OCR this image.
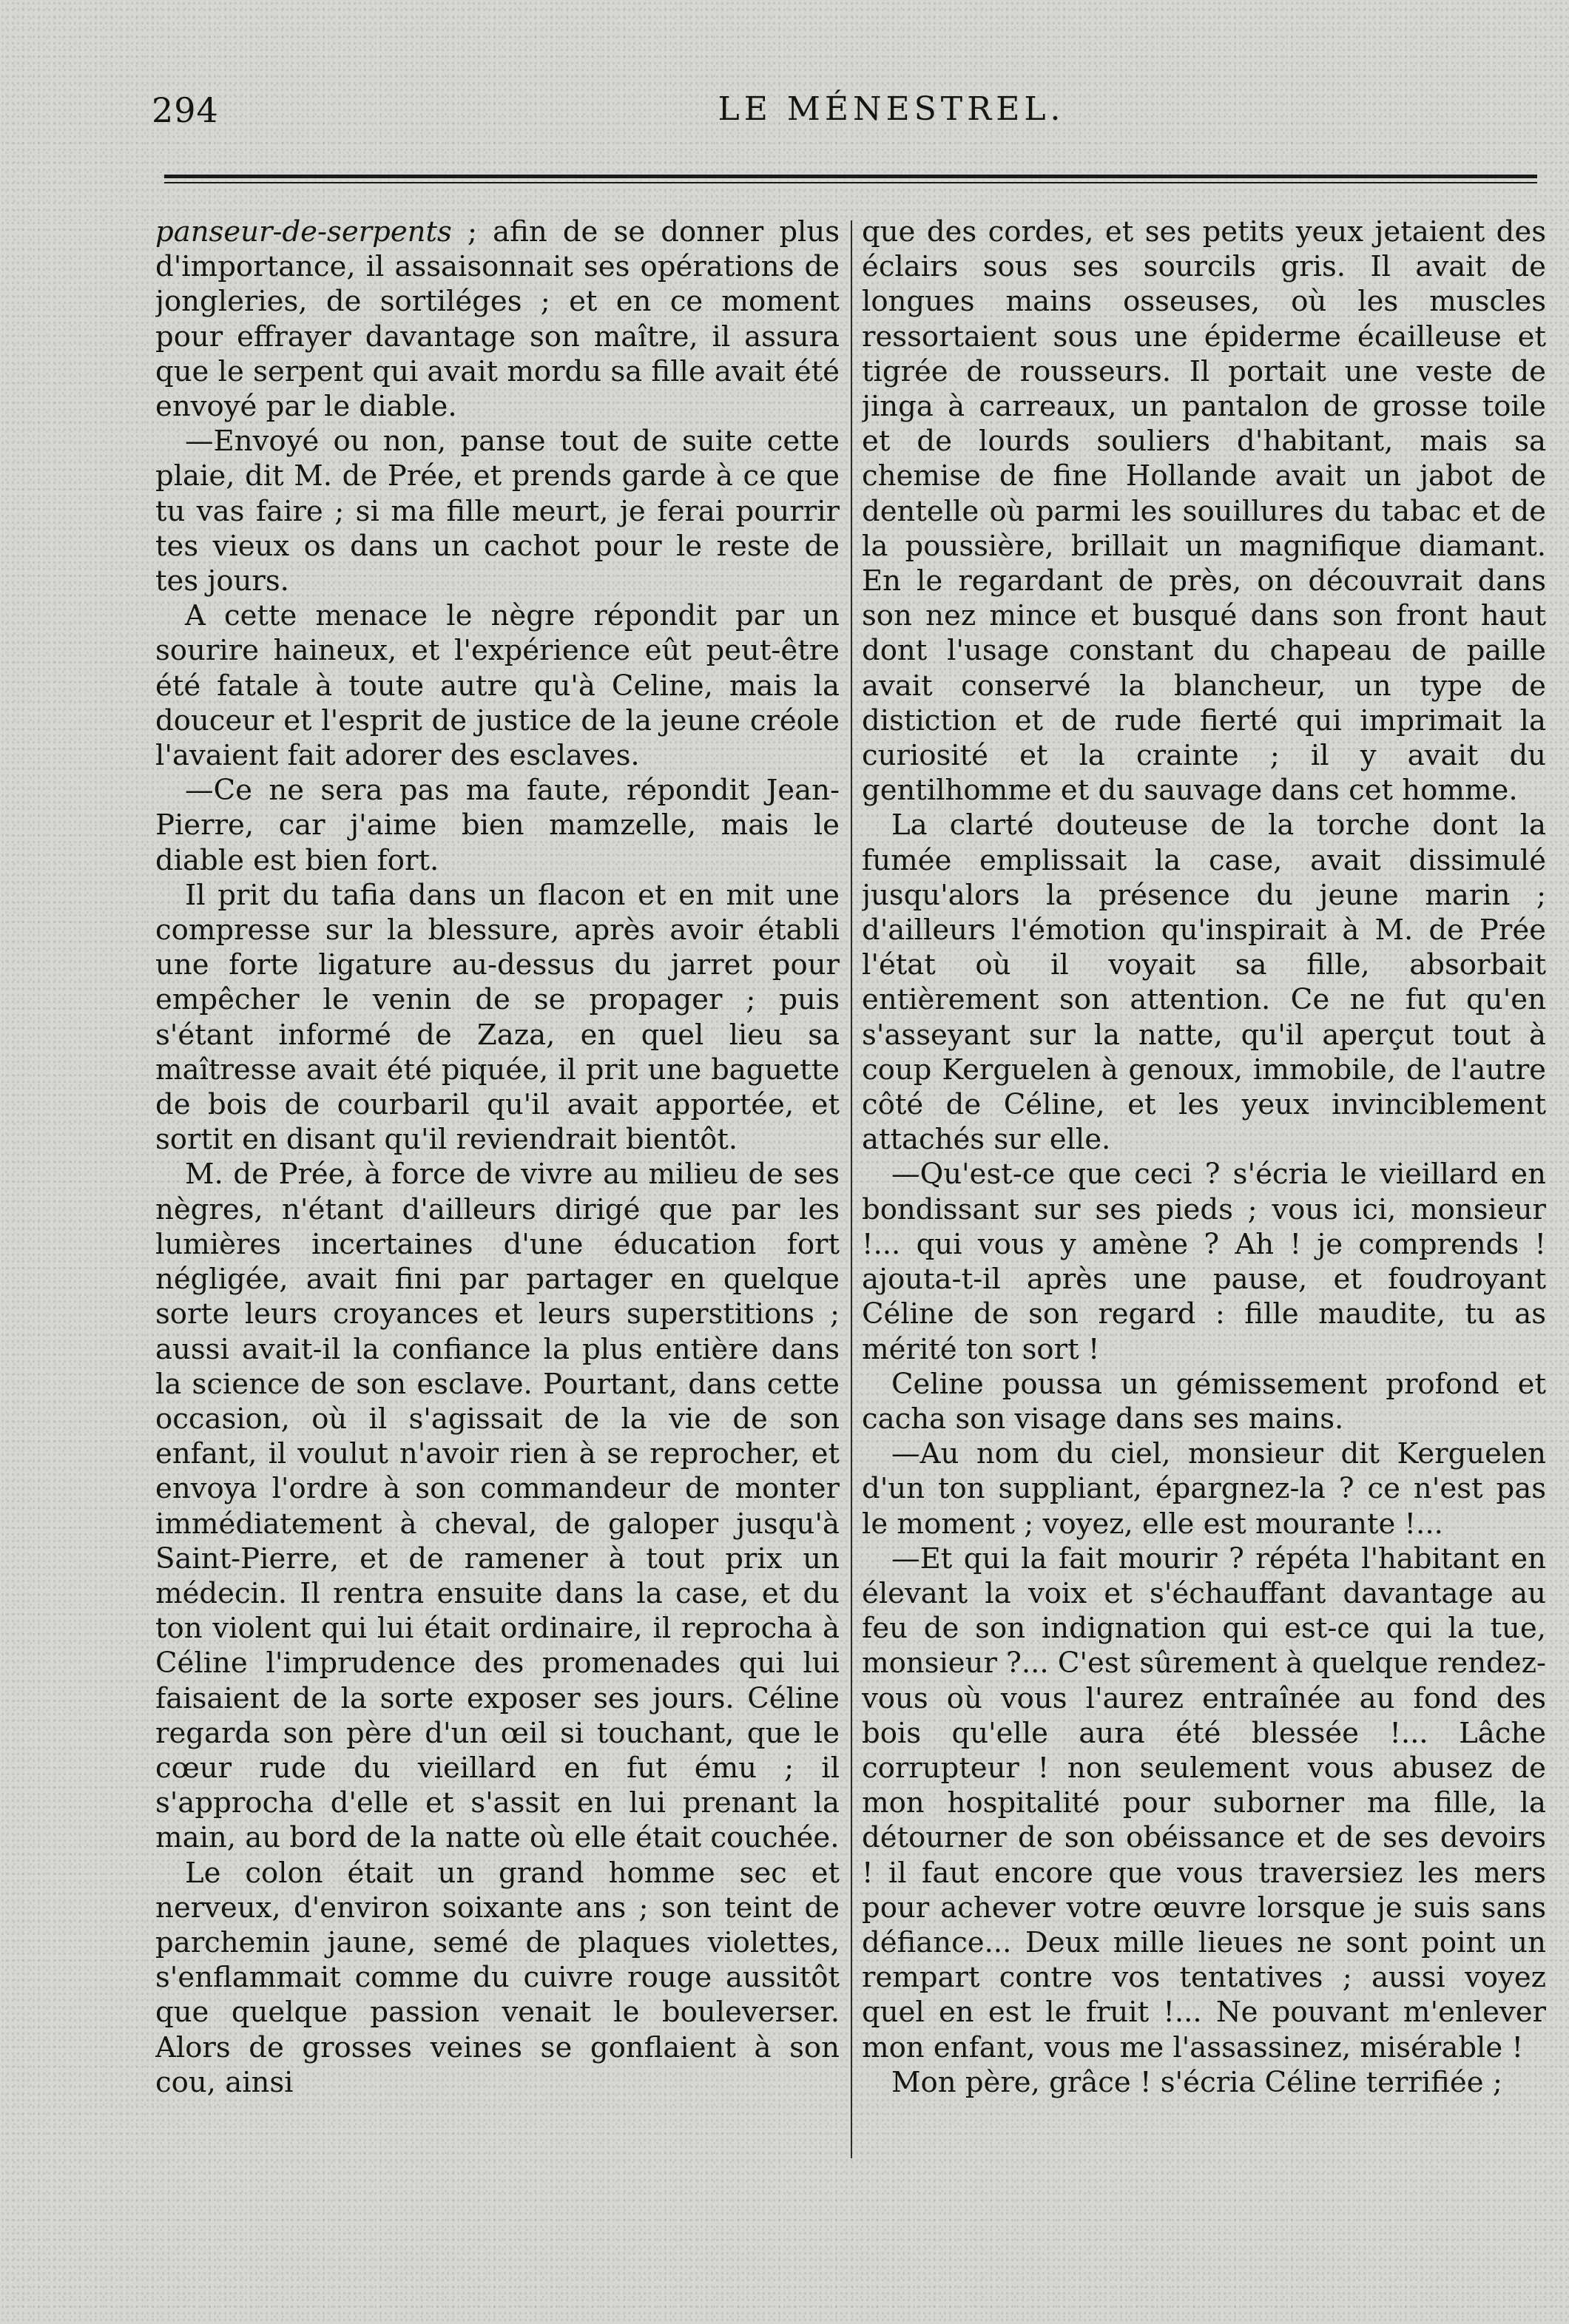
294	LE MÉNESTREL.

panseur-de-serpents ; afin de se donner plus d'importance, il assaisonnait ses opérations de jongleries, de sortiléges ; et en ce moment pour effrayer davantage son maître, il assura que le serpent qui avait mordu sa fille avait été envoyé par le diable.

—Envoyé ou non, panse tout de suite cette plaie, dit M. de Prée, et prends garde à ce que tu vas faire ; si ma fille meurt, je ferai pourrir tes vieux os dans un cachot pour le reste de tes jours.

A cette menace le nègre répondit par un sourire haineux, et l'expérience eût peut-être été fatale à toute autre qu'à Celine, mais la douceur et l'esprit de justice de la jeune créole l'avaient fait adorer des esclaves.

—Ce ne sera pas ma faute, répondit Jean-Pierre, car j'aime bien mamzelle, mais le diable est bien fort.

Il prit du tafia dans un flacon et en mit une compresse sur la blessure, après avoir établi une forte ligature au-dessus du jarret pour empêcher le venin de se propager ; puis s'étant informé de Zaza, en quel lieu sa maîtresse avait été piquée, il prit une baguette de bois de courbaril qu'il avait apportée, et sortit en disant qu'il reviendrait bientôt.

M. de Prée, à force de vivre au milieu de ses nègres, n'étant d'ailleurs dirigé que par les lumières incertaines d'une éducation fort négligée, avait fini par partager en quelque sorte leurs croyances et leurs superstitions ; aussi avait-il la confiance la plus entière dans la science de son esclave. Pourtant, dans cette occasion, où il s'agissait de la vie de son enfant, il voulut n'avoir rien à se reprocher, et envoya l'ordre à son commandeur de monter immédiatement à cheval, de galoper jusqu'à Saint-Pierre, et de ramener à tout prix un médecin. Il rentra ensuite dans la case, et du ton violent qui lui était ordinaire, il reprocha à Céline l'imprudence des promenades qui lui faisaient de la sorte exposer ses jours. Céline regarda son père d'un œil si touchant, que le cœur rude du vieillard en fut ému ; il s'approcha d'elle et s'assit en lui prenant la main, au bord de la natte où elle était couchée.

Le colon était un grand homme sec et nerveux, d'environ soixante ans ; son teint de parchemin jaune, semé de plaques violettes, s'enflammait comme du cuivre rouge aussitôt que quelque passion venait le bouleverser. Alors de grosses veines se gonflaient à son cou, ainsi

que des cordes, et ses petits yeux jetaient des éclairs sous ses sourcils gris. Il avait de longues mains osseuses, où les muscles ressortaient sous une épiderme écailleuse et tigrée de rousseurs. Il portait une veste de jinga à carreaux, un pantalon de grosse toile et de lourds souliers d'habitant, mais sa chemise de fine Hollande avait un jabot de dentelle où parmi les souillures du tabac et de la poussière, brillait un magnifique diamant. En le regardant de près, on découvrait dans son nez mince et busqué dans son front haut dont l'usage constant du chapeau de paille avait conservé la blancheur, un type de distiction et de rude fierté qui imprimait la curiosité et la crainte ; il y avait du gentilhomme et du sauvage dans cet homme.

La clarté douteuse de la torche dont la fumée emplissait la case, avait dissimulé jusqu'alors la présence du jeune marin ; d'ailleurs l'émotion qu'inspirait à M. de Prée l'état où il voyait sa fille, absorbait entièrement son attention. Ce ne fut qu'en s'asseyant sur la natte, qu'il aperçut tout à coup Kerguelen à genoux, immobile, de l'autre côté de Céline, et les yeux invinciblement attachés sur elle.

—Qu'est-ce que ceci ? s'écria le vieillard en bondissant sur ses pieds ; vous ici, monsieur !... qui vous y amène ? Ah ! je comprends ! ajouta-t-il après une pause, et foudroyant Céline de son regard : fille maudite, tu as mérité ton sort !

Celine poussa un gémissement profond et cacha son visage dans ses mains.

—Au nom du ciel, monsieur dit Kerguelen d'un ton suppliant, épargnez-la ? ce n'est pas le moment ; voyez, elle est mourante !...

—Et qui la fait mourir ? répéta l'habitant en élevant la voix et s'échauffant davantage au feu de son indignation qui est-ce qui la tue, monsieur ?... C'est sûrement à quelque rendez-vous où vous l'aurez entraînée au fond des bois qu'elle aura été blessée !... Lâche corrupteur ! non seulement vous abusez de mon hospitalité pour suborner ma fille, la détourner de son obéissance et de ses devoirs ! il faut encore que vous traversiez les mers pour achever votre œuvre lorsque je suis sans défiance... Deux mille lieues ne sont point un rempart contre vos tentatives ; aussi voyez quel en est le fruit !... Ne pouvant m'enlever mon enfant, vous me l'assassinez, misérable !

Mon père, grâce ! s'écria Céline terrifiée ;
